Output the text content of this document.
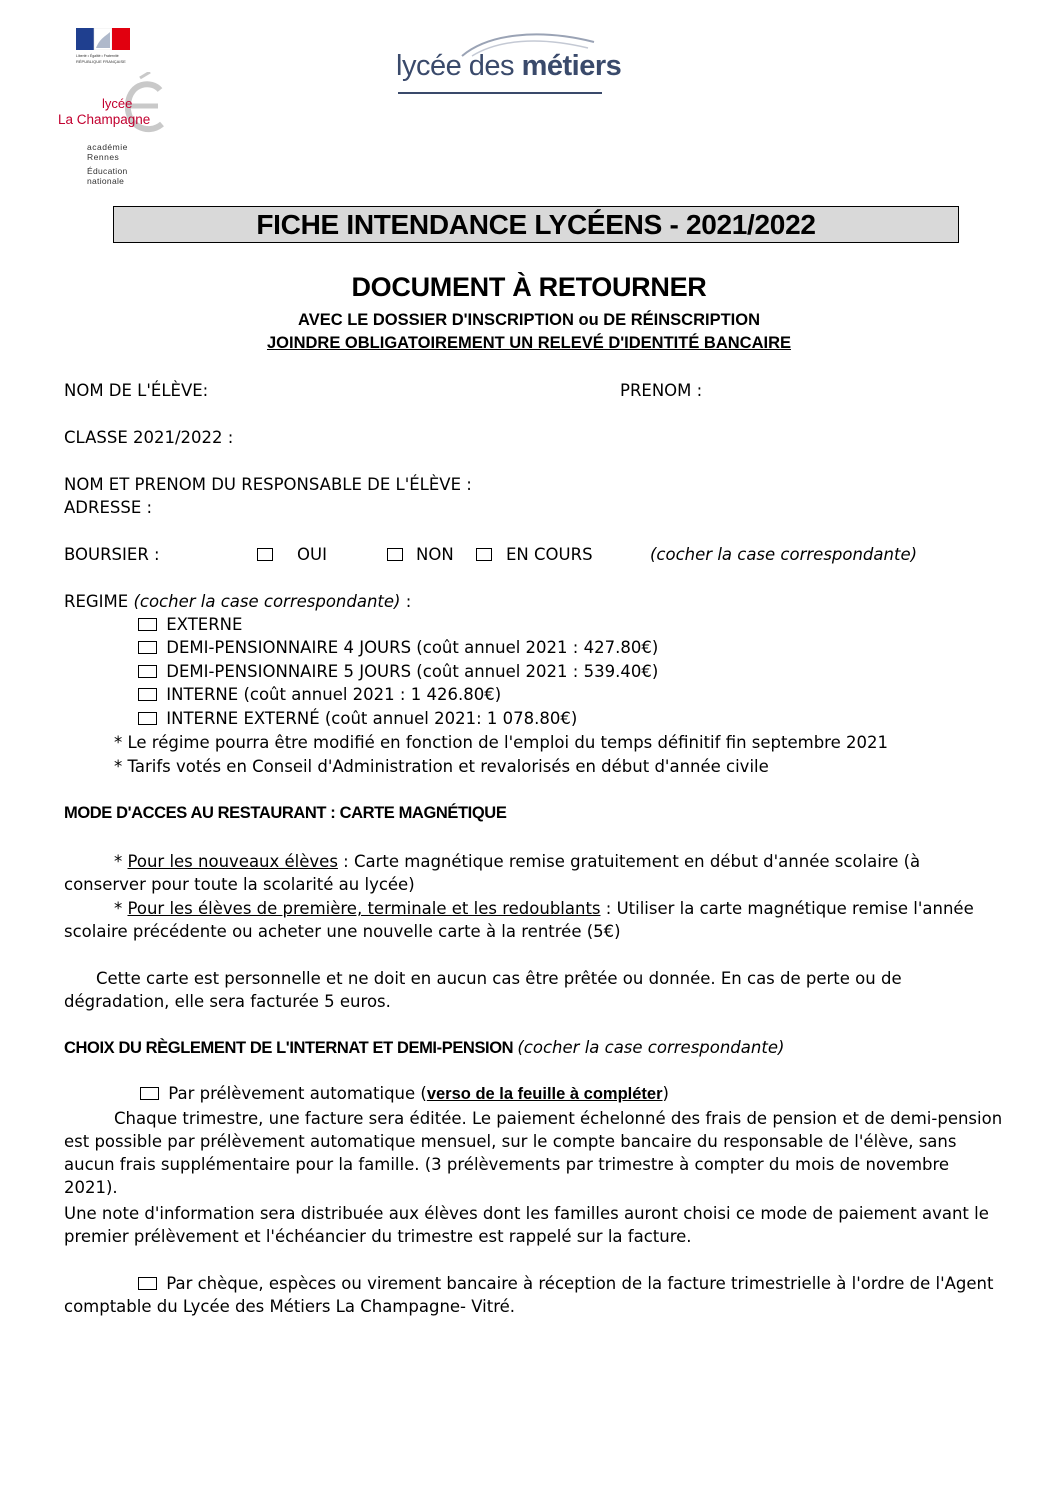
Liberté • Égalité • Fraternité
RÉPUBLIQUE FRANÇAISE
lycée
La Champagne
académie
Rennes
Éducation
nationale
lycée des métiers
FICHE INTENDANCE LYCÉENS - 2021/2022
DOCUMENT À RETOURNER
AVEC LE DOSSIER D'INSCRIPTION ou DE RÉINSCRIPTION
JOINDRE OBLIGATOIREMENT UN RELEVÉ D'IDENTITÉ BANCAIRE
NOM DE L'ÉLÈVE:	PRENOM :
CLASSE 2021/2022 :
NOM ET PRENOM DU RESPONSABLE DE L'ÉLÈVE :
ADRESSE :
BOURSIER :	OUI	NON	EN COURS	(cocher la case correspondante)
REGIME (cocher la case correspondante) :
EXTERNE
DEMI-PENSIONNAIRE 4 JOURS (coût annuel 2021 : 427.80€)
DEMI-PENSIONNAIRE 5 JOURS (coût annuel 2021 : 539.40€)
INTERNE (coût annuel 2021 : 1 426.80€)
INTERNE EXTERNÉ (coût annuel 2021: 1 078.80€)
* Le régime pourra être modifié en fonction de l'emploi du temps définitif fin septembre 2021
* Tarifs votés en Conseil d'Administration et revalorisés en début d'année civile
MODE D'ACCES AU RESTAURANT : CARTE MAGNÉTIQUE
* Pour les nouveaux élèves : Carte magnétique remise gratuitement en début d'année scolaire (à conserver pour toute la scolarité au lycée)
* Pour les élèves de première, terminale et les redoublants : Utiliser la carte magnétique remise l'année scolaire précédente ou acheter une nouvelle carte à la rentrée (5€)
Cette carte est personnelle et ne doit en aucun cas être prêtée ou donnée. En cas de perte ou de dégradation, elle sera facturée 5 euros.
CHOIX DU RÈGLEMENT DE L'INTERNAT ET DEMI-PENSION (cocher la case correspondante)
Par prélèvement automatique (verso de la feuille à compléter)
Chaque trimestre, une facture sera éditée. Le paiement échelonné des frais de pension et de demi-pension est possible par prélèvement automatique mensuel, sur le compte bancaire du responsable de l'élève, sans aucun frais supplémentaire pour la famille. (3 prélèvements par trimestre à compter du mois de novembre 2021).
Une note d'information sera distribuée aux élèves dont les familles auront choisi ce mode de paiement avant le premier prélèvement et l'échéancier du trimestre est rappelé sur la facture.
Par chèque, espèces ou virement bancaire à réception de la facture trimestrielle à l'ordre de l'Agent comptable du Lycée des Métiers La Champagne- Vitré.
